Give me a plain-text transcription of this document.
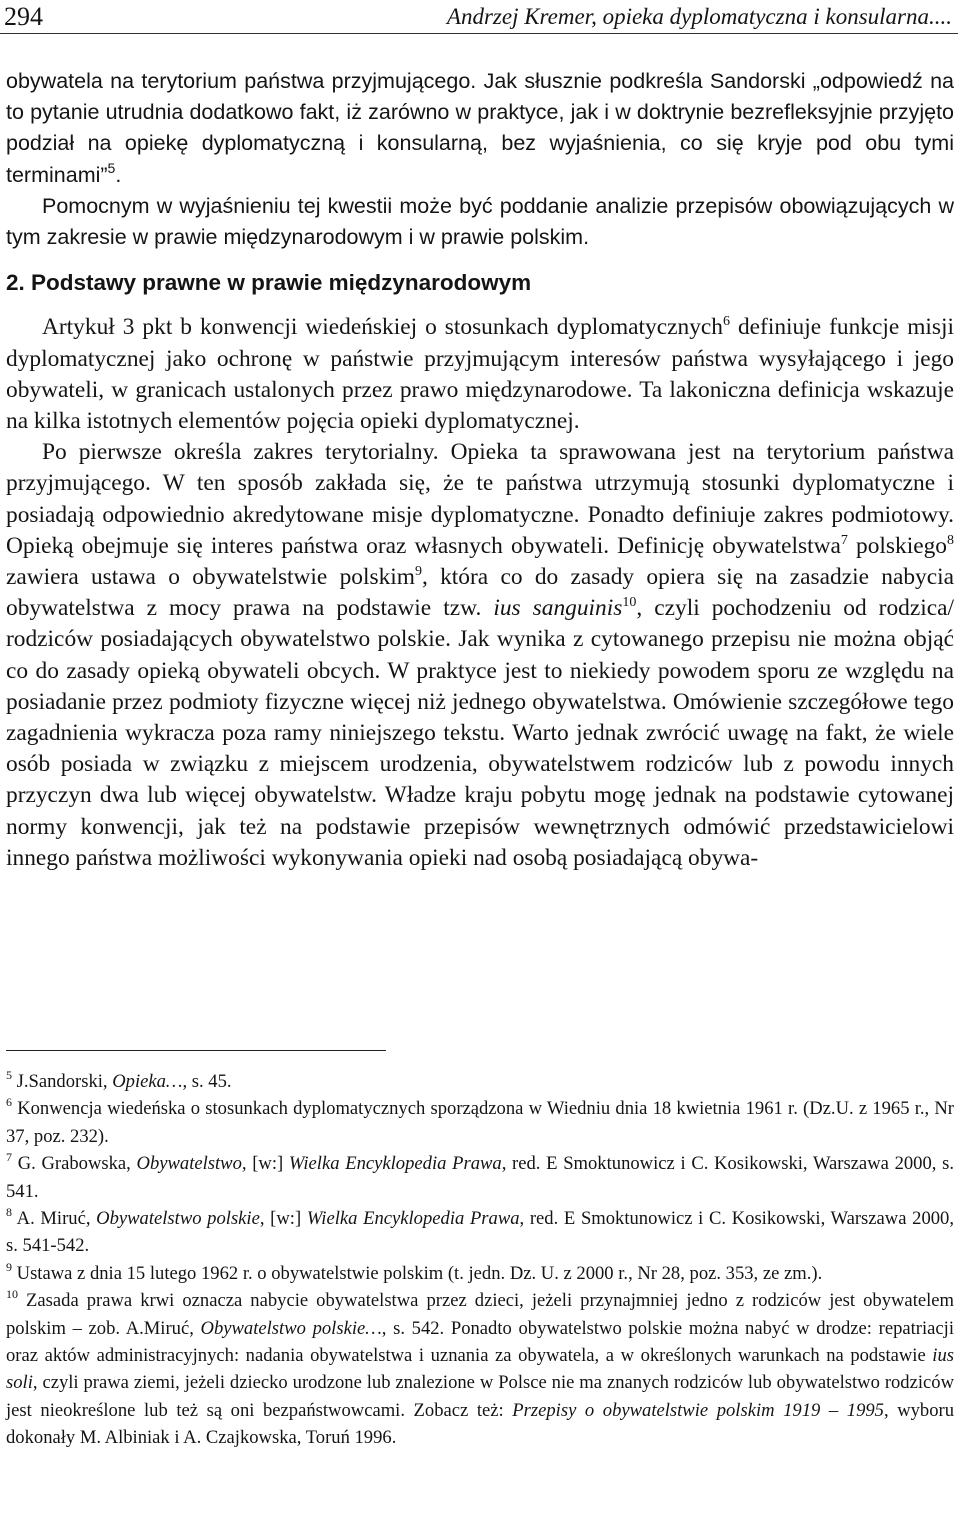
294	Andrzej Kremer, opieka dyplomatyczna i konsularna....

obywatela na terytorium państwa przyjmującego. Jak słusznie podkreśla Sandorski „odpowiedź na to pytanie utrudnia dodatkowo fakt, iż zarówno w praktyce, jak i w doktrynie bezrefleksyjnie przyjęto podział na opiekę dyplomatyczną i konsularną, bez wyjaśnienia, co się kryje pod obu tymi terminami”$^5$.

Pomocnym w wyjaśnieniu tej kwestii może być poddanie analizie przepisów obowiązujących w tym zakresie w prawie międzynarodowym i w prawie polskim.

2. Podstawy prawne w prawie międzynarodowym

Artykuł 3 pkt b konwencji wiedeńskiej o stosunkach dyplomatycznych$^6$ definiuje funkcje misji dyplomatycznej jako ochronę w państwie przyjmującym interesów państwa wysyłającego i jego obywateli, w granicach ustalonych przez prawo międzynarodowe. Ta lakoniczna definicja wskazuje na kilka istotnych elementów pojęcia opieki dyplomatycznej.

Po pierwsze określa zakres terytorialny. Opieka ta sprawowana jest na terytorium państwa przyjmującego. W ten sposób zakłada się, że te państwa utrzymują stosunki dyplomatyczne i posiadają odpowiednio akredytowane misje dyplomatyczne. Ponadto definiuje zakres podmiotowy. Opieką obejmuje się interes państwa oraz własnych obywateli. Definicję obywatelstwa$^7$ polskiego$^8$ zawiera ustawa o obywatelstwie polskim$^9$, która co do zasady opiera się na zasadzie nabycia obywatelstwa z mocy prawa na podstawie tzw. ius sanguinis$^{10}$, czyli pochodzeniu od rodzica/ rodziców posiadających obywatelstwo polskie. Jak wynika z cytowanego przepisu nie można objąć co do zasady opieką obywateli obcych. W praktyce jest to niekiedy powodem sporu ze względu na posiadanie przez podmioty fizyczne więcej niż jednego obywatelstwa. Omówienie szczegółowe tego zagadnienia wykracza poza ramy niniejszego tekstu. Warto jednak zwrócić uwagę na fakt, że wiele osób posiada w związku z miejscem urodzenia, obywatelstwem rodziców lub z powodu innych przyczyn dwa lub więcej obywatelstw. Władze kraju pobytu mogę jednak na podstawie cytowanej normy konwencji, jak też na podstawie przepisów wewnętrznych odmówić przedstawicielowi innego państwa możliwości wykonywania opieki nad osobą posiadającą obywa-

$^5$ J.Sandorski, Opieka…, s. 45.

$^6$ Konwencja wiedeńska o stosunkach dyplomatycznych sporządzona w Wiedniu dnia 18 kwietnia 1961 r. (Dz.U. z 1965 r., Nr 37, poz. 232).

$^7$ G. Grabowska, Obywatelstwo, [w:] Wielka Encyklopedia Prawa, red. E Smoktunowicz i C. Kosikowski, Warszawa 2000, s. 541.

$^8$ A. Miruć, Obywatelstwo polskie, [w:] Wielka Encyklopedia Prawa, red. E Smoktunowicz i C. Kosikowski, Warszawa 2000, s. 541-542.

$^9$ Ustawa z dnia 15 lutego 1962 r. o obywatelstwie polskim (t. jedn. Dz. U. z 2000 r., Nr 28, poz. 353, ze zm.).

$^{10}$ Zasada prawa krwi oznacza nabycie obywatelstwa przez dzieci, jeżeli przynajmniej jedno z rodziców jest obywatelem polskim – zob. A.Miruć, Obywatelstwo polskie…, s. 542. Ponadto obywatelstwo polskie można nabyć w drodze: repatriacji oraz aktów administracyjnych: nadania obywatelstwa i uznania za obywatela, a w określonych warunkach na podstawie ius soli, czyli prawa ziemi, jeżeli dziecko urodzone lub znalezione w Polsce nie ma znanych rodziców lub obywatelstwo rodziców jest nieokreślone lub też są oni bezpaństwowcami. Zobacz też: Przepisy o obywatelstwie polskim 1919 – 1995, wyboru dokonały M. Albiniak i A. Czajkowska, Toruń 1996.
